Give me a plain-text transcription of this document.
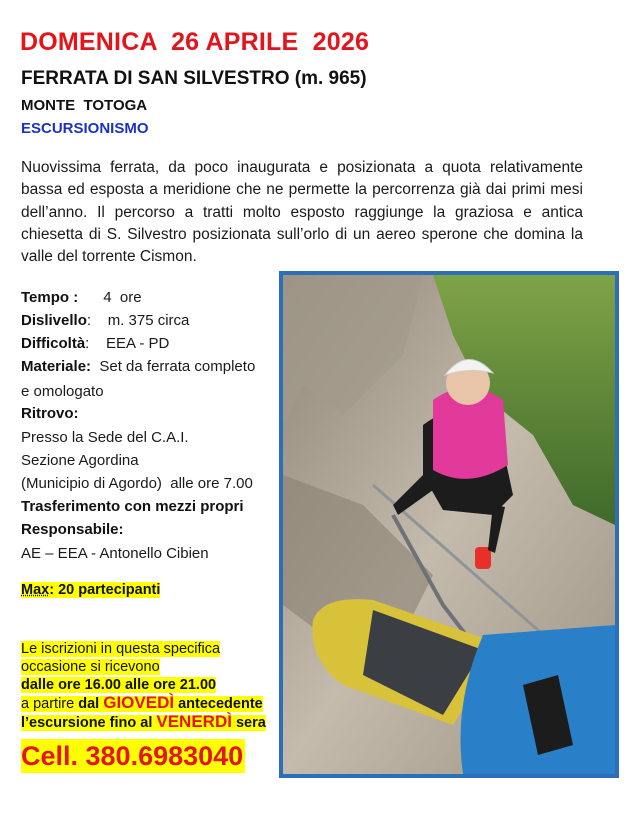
DOMENICA  26 APRILE  2026
FERRATA DI SAN SILVESTRO (m. 965)
MONTE  TOTOGA
ESCURSIONISMO
Nuovissima ferrata, da poco inaugurata e posizionata a quota relativamente bassa ed esposta a meridione che ne permette la percorrenza già dai primi mesi dell’anno. Il percorso a tratti molto esposto raggiunge la graziosa e antica chiesetta di S. Silvestro posizionata sull’orlo di un aereo sperone che domina la valle del torrente Cismon.
Tempo : 4  ore
Dislivello:    m. 375 circa
Difficoltà:    EEA - PD
Materiale:  Set da ferrata completo
e omologato
Ritrovo:
Presso la Sede del C.A.I.
Sezione Agordina
(Municipio di Agordo)  alle ore 7.00
Trasferimento con mezzi propri
Responsabile:
AE – EEA - Antonello Cibien
Max: 20 partecipanti
Le iscrizioni in questa specifica
occasione si ricevono
dalle ore 16.00 alle ore 21.00
a partire dal GIOVEDÌ antecedente
l’escursione fino al VENERDÌ sera
Cell. 380.6983040
